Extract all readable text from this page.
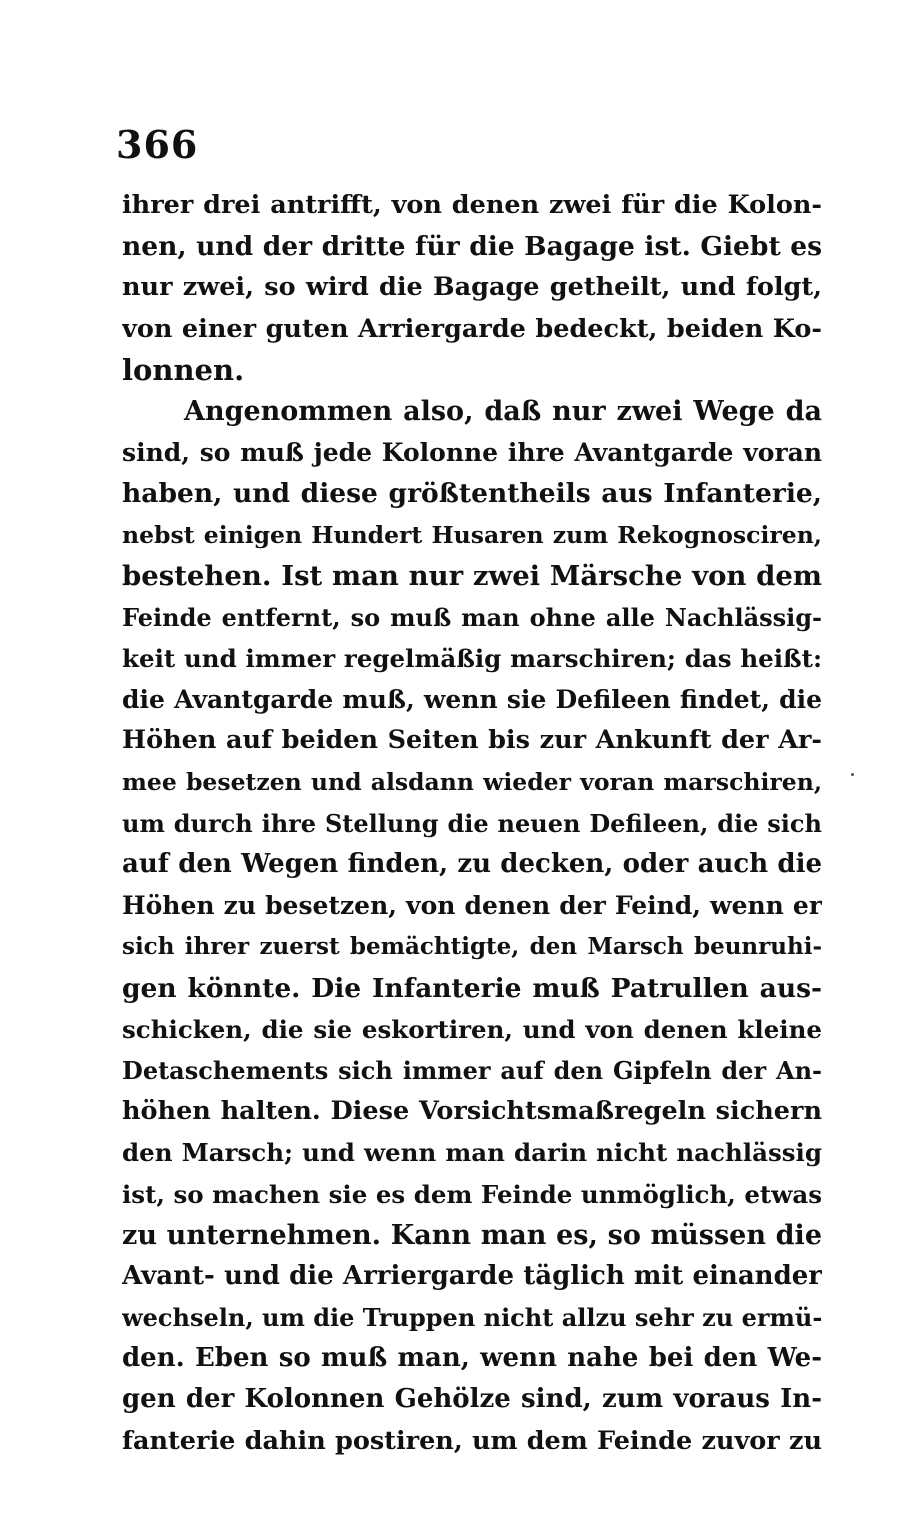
366
ihrer drei antrifft, von denen zwei für die Kolon-
nen, und der dritte für die Bagage ist. Giebt es
nur zwei, so wird die Bagage getheilt, und folgt,
von einer guten Arriergarde bedeckt, beiden Ko-
lonnen.
Angenommen also, daß nur zwei Wege da
sind, so muß jede Kolonne ihre Avantgarde voran
haben, und diese größtentheils aus Infanterie,
nebst einigen Hundert Husaren zum Rekognosciren,
bestehen. Ist man nur zwei Märsche von dem
Feinde entfernt, so muß man ohne alle Nachlässig-
keit und immer regelmäßig marschiren; das heißt:
die Avantgarde muß, wenn sie Defileen findet, die
Höhen auf beiden Seiten bis zur Ankunft der Ar-
mee besetzen und alsdann wieder voran marschiren,
um durch ihre Stellung die neuen Defileen, die sich
auf den Wegen finden, zu decken, oder auch die
Höhen zu besetzen, von denen der Feind, wenn er
sich ihrer zuerst bemächtigte, den Marsch beunruhi-
gen könnte. Die Infanterie muß Patrullen aus-
schicken, die sie eskortiren, und von denen kleine
Detaschements sich immer auf den Gipfeln der An-
höhen halten. Diese Vorsichtsmaßregeln sichern
den Marsch; und wenn man darin nicht nachlässig
ist, so machen sie es dem Feinde unmöglich, etwas
zu unternehmen. Kann man es, so müssen die
Avant- und die Arriergarde täglich mit einander
wechseln, um die Truppen nicht allzu sehr zu ermü-
den. Eben so muß man, wenn nahe bei den We-
gen der Kolonnen Gehölze sind, zum voraus In-
fanterie dahin postiren, um dem Feinde zuvor zu
